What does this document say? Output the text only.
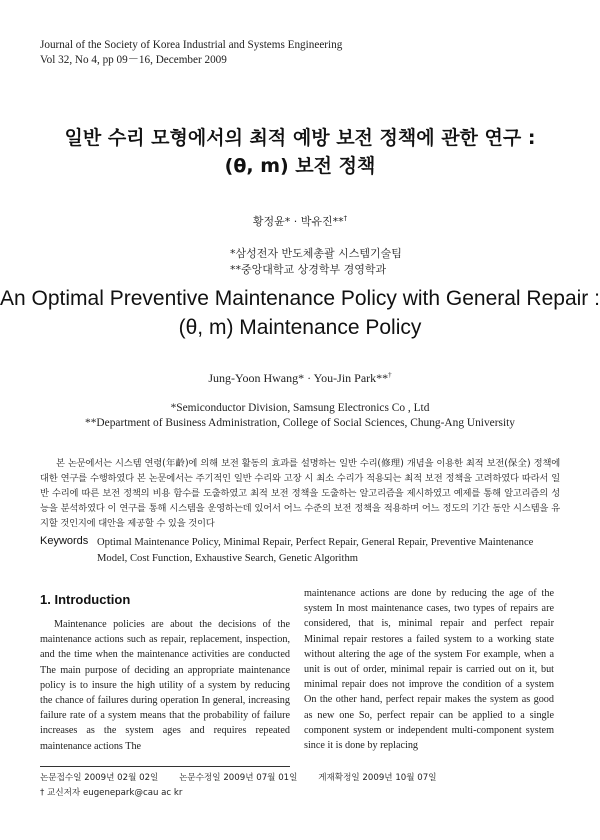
Journal of the Society of Korea Industrial and Systems Engineering
Vol 32, No 4, pp 09－16, December 2009
일반 수리 모형에서의 최적 예방 보전 정책에 관한 연구 :
(θ, m) 보전 정책
황정윤* · 박유진**†
*삼성전자 반도체총괄 시스템기술팀
**중앙대학교 상경학부 경영학과
An Optimal Preventive Maintenance Policy with General Repair :
(θ, m) Maintenance Policy
Jung-Yoon Hwang* · You-Jin Park**†
*Semiconductor Division, Samsung Electronics Co , Ltd
**Department of Business Administration, College of Social Sciences, Chung-Ang University
본 논문에서는 시스템 연령(年齡)에 의해 보전 활동의 효과를 설명하는 일반 수리(修理) 개념을 이용한 최적 보전(保全) 정책에 대한 연구를 수행하였다 본 논문에서는 주기적인 일반 수리와 고장 시 최소 수리가 적용되는 최적 보전 정책을 고려하였다 따라서 일반 수리에 따른 보전 정책의 비용 함수를 도출하였고 최적 보전 정책을 도출하는 알고리즘을 제시하였고 예제를 통해 알고리즘의 성능을 분석하였다 이 연구를 통해 시스템을 운영하는데 있어서 어느 수준의 보전 정책을 적용하며 어느 정도의 기간 동안 시스템을 유지할 것인지에 대안을 제공할 수 있을 것이다
Keywords Optimal Maintenance Policy, Minimal Repair, Perfect Repair, General Repair, Preventive Maintenance Model, Cost Function, Exhaustive Search, Genetic Algorithm
1. Introduction
Maintenance policies are about the decisions of the maintenance actions such as repair, replacement, inspection, and the time when the maintenance activities are conducted The main purpose of deciding an appropriate maintenance policy is to insure the high utility of a system by reducing the chance of failures during operation In general, increasing failure rate of a system means that the probability of failure increases as the system ages and requires repeated maintenance actions The
maintenance actions are done by reducing the age of the system In most maintenance cases, two types of repairs are considered, that is, minimal repair and perfect repair Minimal repair restores a failed system to a working state without altering the age of the system For example, when a unit is out of order, minimal repair is carried out on it, but minimal repair does not improve the condition of a system On the other hand, perfect repair makes the system as good as new one So, perfect repair can be applied to a single component system or independent multi-component system since it is done by replacing
논문접수일 2009년 02월 02일 논문수정일 2009년 07월 01일 게재확정일 2009년 10월 07일
† 교신저자 eugenepark@cau ac kr
